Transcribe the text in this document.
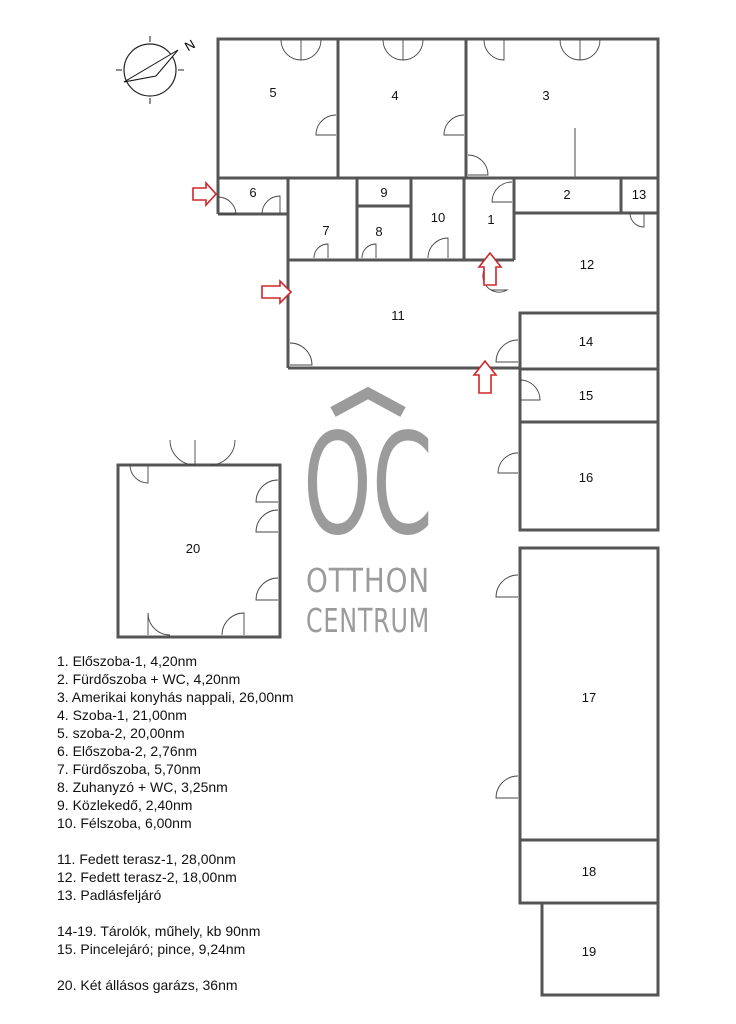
N
OC
OTTHON
CENTRUM
1
2
3
4
5
6
7	8
9
10
11
12
13
14
15
16
17
18
19
20
1. Előszoba-1, 4,20nm
2. Fürdőszoba + WC, 4,20nm
3. Amerikai konyhás nappali, 26,00nm
4. Szoba-1, 21,00nm
5. szoba-2, 20,00nm
6. Előszoba-2, 2,76nm
7. Fürdőszoba, 5,70nm
8. Zuhanyzó + WC, 3,25nm
9. Közlekedő, 2,40nm
10. Félszoba, 6,00nm
11. Fedett terasz-1, 28,00nm
12. Fedett terasz-2, 18,00nm
13. Padlásfeljáró
14-19. Tárolók, műhely, kb 90nm
15. Pincelejáró; pince, 9,24nm
20. Két állásos garázs, 36nm
